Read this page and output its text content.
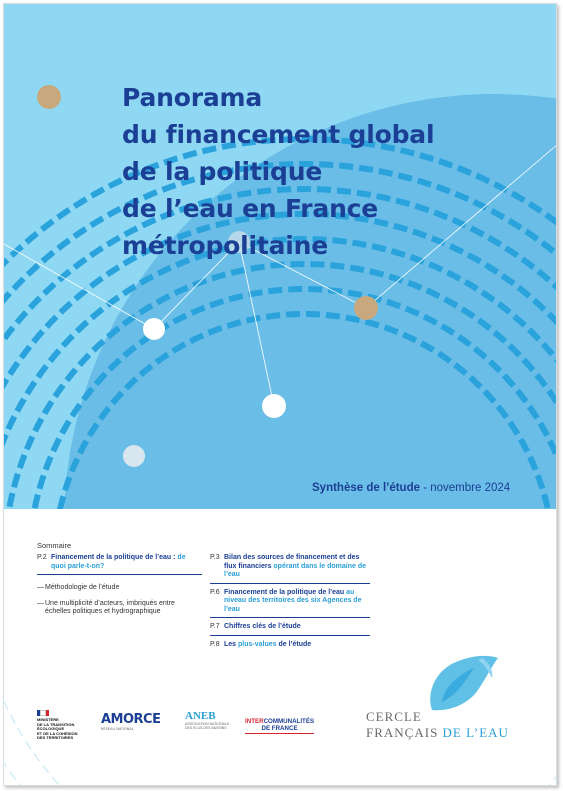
Panorama
du financement global
de la politique
de l’eau en France
métropolitaine
Synthèse de l’étude - novembre 2024
Sommaire
P.2 Financement de la politique de l’eau : de quoi parle-t-on?
— Méthodologie de l’étude
— Une multiplicité d’acteurs, imbriqués entre échelles politiques et hydrographique
P.3 Bilan des sources de financement et des flux financiers opérant dans le domaine de l’eau
P.6 Financement de la politique de l’eau au niveau des territoires des six Agences de l’eau
P.7 Chiffres clés de l’étude
P.8 Les plus-values de l’étude
MINISTÈRE
DE LA TRANSITION
ÉCOLOGIQUE
ET DE LA COHÉSION
DES TERRITOIRES
AMORCE
RÉSEAU NATIONAL
ANEB
ASSOCIATION NATIONALE DES ÉLUS DES BASSINS
INTERCOMMUNALITÉS
DE FRANCE
CERCLE
FRANÇAIS DE L’EAU
